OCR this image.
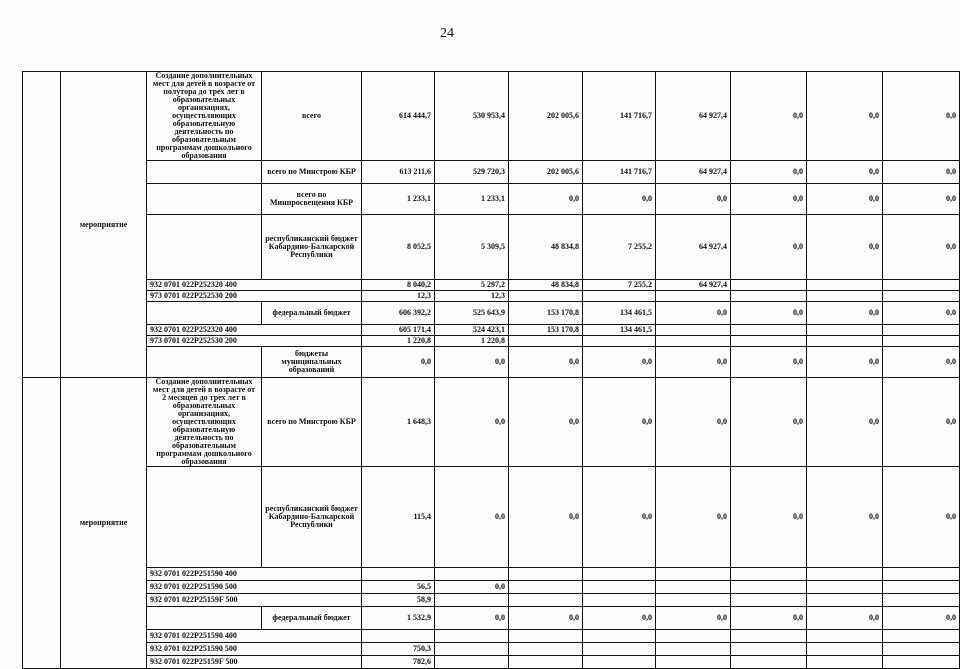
24
	мероприятие	Создание дополнительных мест для детей в возрасте от полутора до трех лет в образовательных организациях, осуществляющих образовательную деятельность по образовательным программам дошкольного образования	всего	614 444,7	530 953,4	202 005,6	141 716,7	64 927,4	0,0	0,0	0,0
			всего по Минстрою КБР	613 211,6	529 720,3	202 005,6	141 716,7	64 927,4	0,0	0,0	0,0
			всего по Минпросвещения КБР	1 233,1	1 233,1	0,0	0,0	0,0	0,0	0,0	0,0
			республиканский бюджет Кабардино-Балкарской Республики	8 052,5	5 309,5	48 834,8	7 255,2	64 927,4	0,0	0,0	0,0
		932 0701 022P252320 400		8 040,2	5 297,2	48 834,8	7 255,2	64 927,4			
		973 0701 022P252530 200		12,3	12,3						
			федеральный бюджет	606 392,2	525 643,9	153 170,8	134 461,5	0,0	0,0	0,0	0,0
		932 0701 022P252320 400		605 171,4	524 423,1	153 170,8	134 461,5				
		973 0701 022P252530 200		1 220,8	1 220,8						
			бюджеты муниципальных образований	0,0	0,0	0,0	0,0	0,0	0,0	0,0	0,0
	мероприятие	Создание дополнительных мест для детей в возрасте от 2 месяцев до трех лет в образовательных организациях, осуществляющих образовательную деятельность по образовательным программам дошкольного образования	всего по Минстрою КБР	1 648,3	0,0	0,0	0,0	0,0	0,0	0,0	0,0
			республиканский бюджет Кабардино-Балкарской Республики	115,4	0,0	0,0	0,0	0,0	0,0	0,0	0,0
		932 0701 022P251590 400									
		932 0701 022P251590 500		56,5	0,0						
		932 0701 022P25159F 500		58,9							
			федеральный бюджет	1 532,9	0,0	0,0	0,0	0,0	0,0	0,0	0,0
		932 0701 022P251590 400									
		932 0701 022P251590 500		750,3							
		932 0701 022P25159F 500		782,6							
